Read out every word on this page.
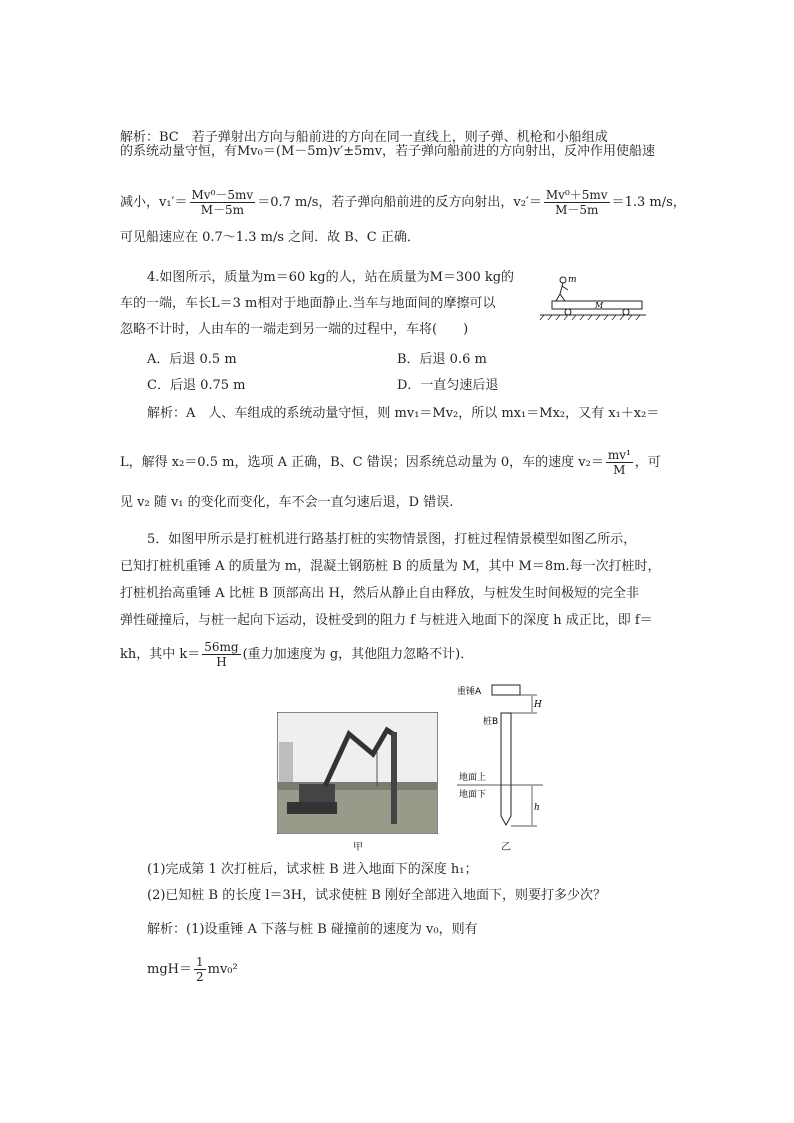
解析：BC　若子弹射出方向与船前进的方向在同一直线上，则子弹、机枪和小船组成
的系统动量守恒，有Mv₀＝(M－5m)v′±5mv，若子弹向船前进的方向射出，反冲作用使船速
减小，$v_1'= \frac{\text{Mv⁰－5mv}}{M-5m} =0.7$ m/s，若子弹向船前进的反方向射出，$v_2'= \frac{\text{Mv⁰＋5mv}}{M-5m} =1.3$ m/s，
可见船速应在 0.7～1.3 m/s 之间．故 B、C 正确．
4.如图所示，质量为m＝60 kg的人，站在质量为M＝300 kg的
车的一端，车长L＝3 m相对于地面静止.当车与地面间的摩擦可以
忽略不计时，人由车的一端走到另一端的过程中，车将(　　)
m
M
A．后退 0.5 m	B．后退 0.6 m
C．后退 0.75 m	D．一直匀速后退
解析：A　人、车组成的系统动量守恒，则 mv₁＝Mv₂，所以 mx₁＝Mx₂，又有 x₁＋x₂＝
L，解得 x₂＝0.5 m，选项 A 正确，B、C 错误；因系统总动量为 0，车的速度 $v_2= \frac{\text{mv¹}}{M}$ ，可
见 v₂ 随 v₁ 的变化而变化，车不会一直匀速后退，D 错误.
5．如图甲所示是打桩机进行路基打桩的实物情景图，打桩过程情景模型如图乙所示，
已知打桩机重锤 A 的质量为 m，混凝土钢筋桩 B 的质量为 M，其中 M＝8m.每一次打桩时，
打桩机抬高重锤 A 比桩 B 顶部高出 H，然后从静止自由释放，与桩发生时间极短的完全非
弹性碰撞后，与桩一起向下运动，设桩受到的阻力 f 与桩进入地面下的深度 h 成正比，即 f＝
kh，其中 $k= \frac{56mg}{H}$ (重力加速度为 g，其他阻力忽略不计)．
重锤A
H
桩B
地面上
地面下
h
甲	乙
(1)完成第 1 次打桩后，试求桩 B 进入地面下的深度 h₁；
(2)已知桩 B 的长度 l＝3H，试求使桩 B 刚好全部进入地面下，则要打多少次？
解析：(1)设重锤 A 下落与桩 B 碰撞前的速度为 v₀，则有
$mgH= \frac{1}{2} mv_0^2$
